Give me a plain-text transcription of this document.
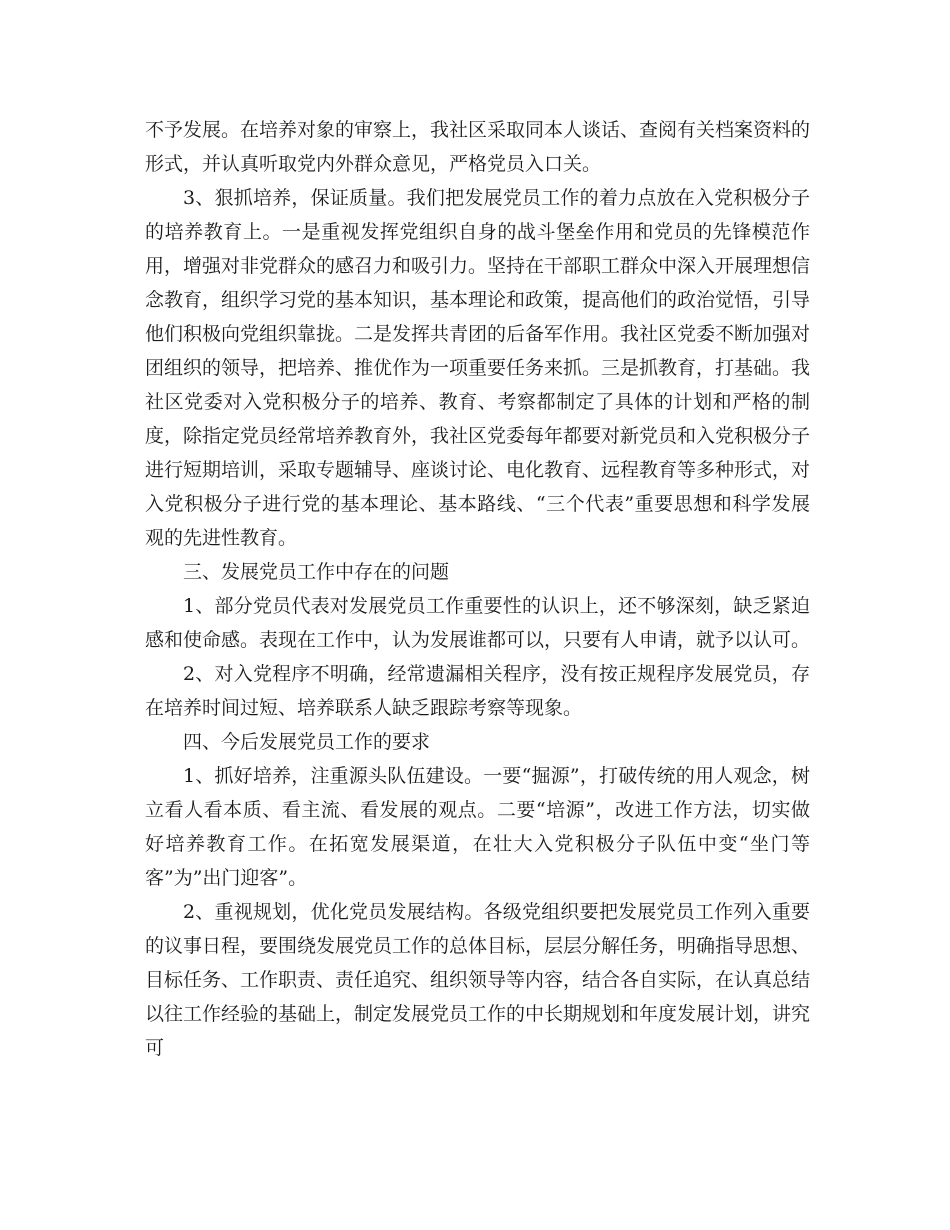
不予发展。在培养对象的审察上，我社区采取同本人谈话、查阅有关档案资料的形式，并认真听取党内外群众意见，严格党员入口关。

3、狠抓培养，保证质量。我们把发展党员工作的着力点放在入党积极分子的培养教育上。一是重视发挥党组织自身的战斗堡垒作用和党员的先锋模范作用，增强对非党群众的感召力和吸引力。坚持在干部职工群众中深入开展理想信念教育，组织学习党的基本知识，基本理论和政策，提高他们的政治觉悟，引导他们积极向党组织靠拢。二是发挥共青团的后备军作用。我社区党委不断加强对团组织的领导，把培养、推优作为一项重要任务来抓。三是抓教育，打基础。我社区党委对入党积极分子的培养、教育、考察都制定了具体的计划和严格的制度，除指定党员经常培养教育外，我社区党委每年都要对新党员和入党积极分子进行短期培训，采取专题辅导、座谈讨论、电化教育、远程教育等多种形式，对入党积极分子进行党的基本理论、基本路线、“三个代表”重要思想和科学发展观的先进性教育。

三、发展党员工作中存在的问题

1、部分党员代表对发展党员工作重要性的认识上，还不够深刻，缺乏紧迫感和使命感。表现在工作中，认为发展谁都可以，只要有人申请，就予以认可。

2、对入党程序不明确，经常遗漏相关程序，没有按正规程序发展党员，存在培养时间过短、培养联系人缺乏跟踪考察等现象。

四、今后发展党员工作的要求

1、抓好培养，注重源头队伍建设。一要“掘源”，打破传统的用人观念，树立看人看本质、看主流、看发展的观点。二要“培源”，改进工作方法，切实做好培养教育工作。在拓宽发展渠道，在壮大入党积极分子队伍中变“坐门等客”为”出门迎客”。

2、重视规划，优化党员发展结构。各级党组织要把发展党员工作列入重要的议事日程，要围绕发展党员工作的总体目标，层层分解任务，明确指导思想、目标任务、工作职责、责任追究、组织领导等内容，结合各自实际，在认真总结以往工作经验的基础上，制定发展党员工作的中长期规划和年度发展计划，讲究可
